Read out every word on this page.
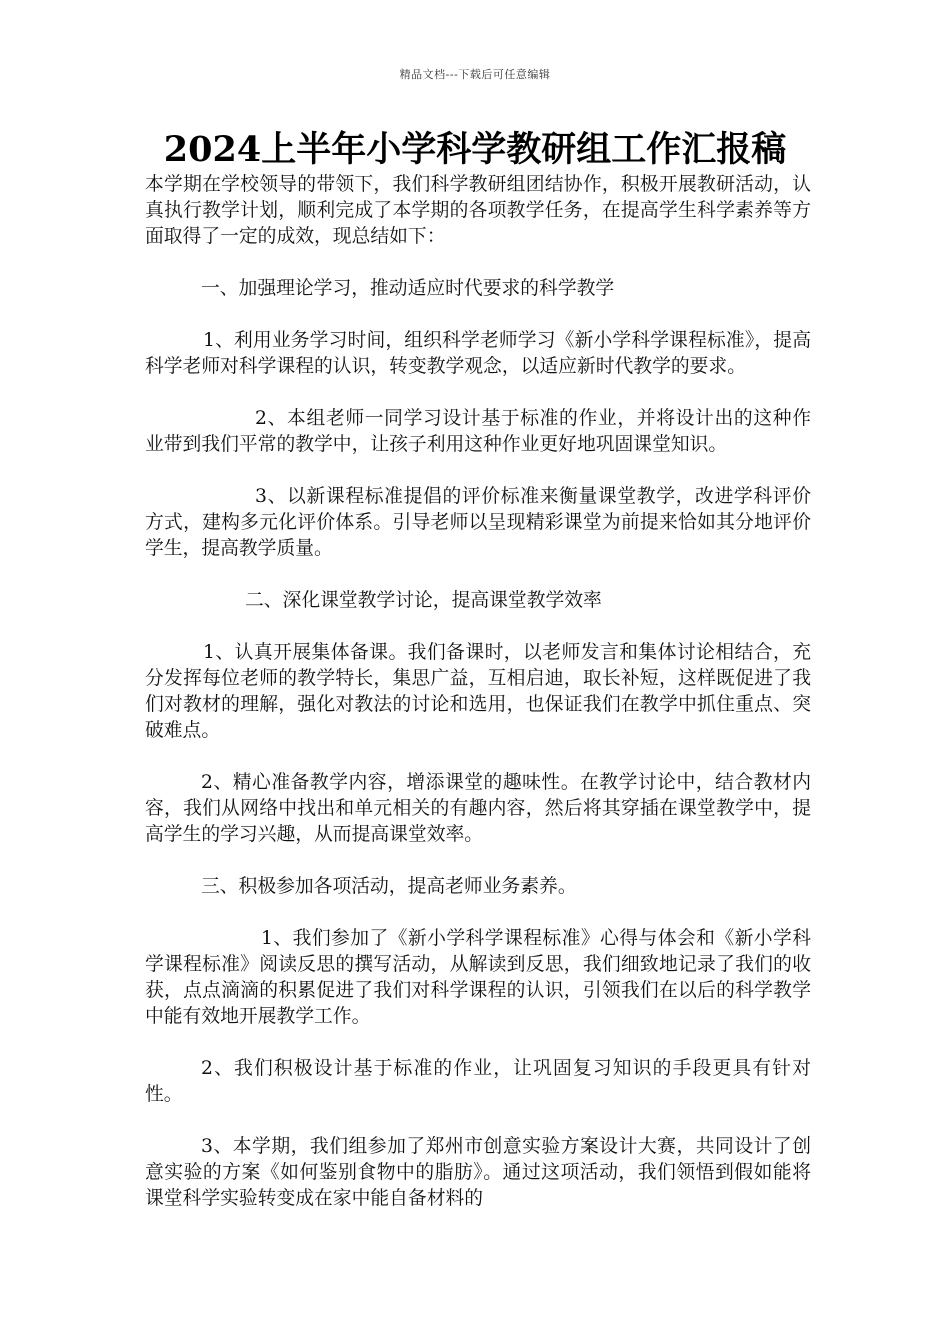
精品文档---下载后可任意编辑
2024上半年小学科学教研组工作汇报稿

本学期在学校领导的带领下，我们科学教研组团结协作，积极开展教研活动，认真执行教学计划，顺利完成了本学期的各项教学任务，在提高学生科学素养等方面取得了一定的成效，现总结如下：

一、加强理论学习，推动适应时代要求的科学教学

1、利用业务学习时间，组织科学老师学习《新小学科学课程标准》，提高科学老师对科学课程的认识，转变教学观念，以适应新时代教学的要求。

2、本组老师一同学习设计基于标准的作业，并将设计出的这种作业带到我们平常的教学中，让孩子利用这种作业更好地巩固课堂知识。

3、以新课程标准提倡的评价标准来衡量课堂教学，改进学科评价方式，建构多元化评价体系。引导老师以呈现精彩课堂为前提来恰如其分地评价学生，提高教学质量。

二、深化课堂教学讨论，提高课堂教学效率

1、认真开展集体备课。我们备课时，以老师发言和集体讨论相结合，充分发挥每位老师的教学特长，集思广益，互相启迪，取长补短，这样既促进了我们对教材的理解，强化对教法的讨论和选用，也保证我们在教学中抓住重点、突破难点。

2、精心准备教学内容，增添课堂的趣味性。在教学讨论中，结合教材内容，我们从网络中找出和单元相关的有趣内容，然后将其穿插在课堂教学中，提高学生的学习兴趣，从而提高课堂效率。

三、积极参加各项活动，提高老师业务素养。

1、我们参加了《新小学科学课程标准》心得与体会和《新小学科学课程标准》阅读反思的撰写活动，从解读到反思，我们细致地记录了我们的收获，点点滴滴的积累促进了我们对科学课程的认识，引领我们在以后的科学教学中能有效地开展教学工作。

2、我们积极设计基于标准的作业，让巩固复习知识的手段更具有针对性。

3、本学期，我们组参加了郑州市创意实验方案设计大赛，共同设计了创意实验的方案《如何鉴别食物中的脂肪》。通过这项活动，我们领悟到假如能将课堂科学实验转变成在家中能自备材料的
